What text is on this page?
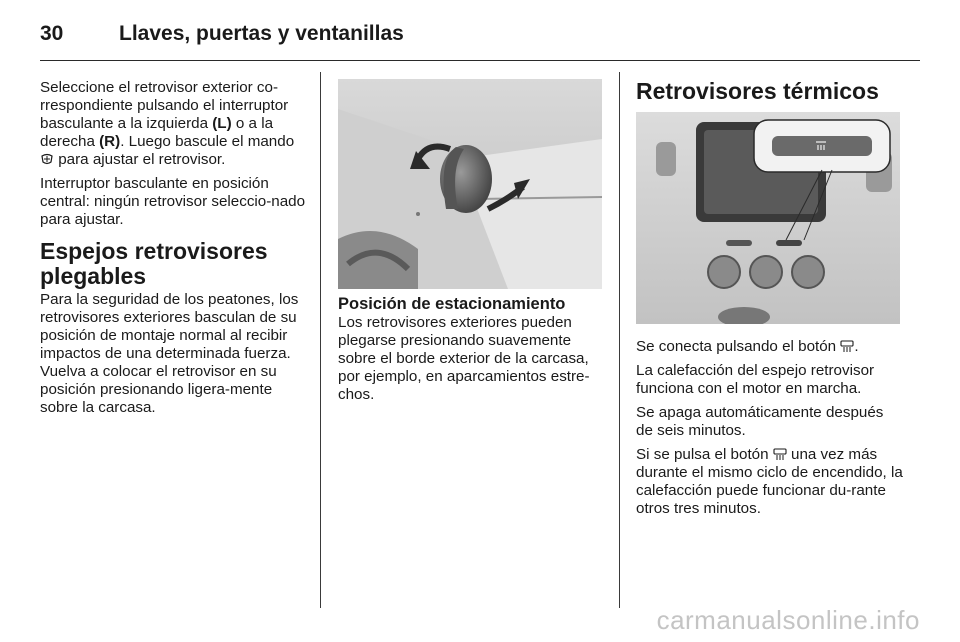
30	Llaves, puertas y ventanillas

Seleccione el retrovisor exterior co-rrespondiente pulsando el interruptor basculante a la izquierda (L) o a la derecha (R). Luego bascule el mando  para ajustar el retrovisor.

Interruptor basculante en posición central: ningún retrovisor seleccio-nado para ajustar.

Espejos retrovisores plegables

Para la seguridad de los peatones, los retrovisores exteriores basculan de su posición de montaje normal al recibir impactos de una determinada fuerza. Vuelva a colocar el retrovisor en su posición presionando ligera-mente sobre la carcasa.

Posición de estacionamiento

Los retrovisores exteriores pueden plegarse presionando suavemente sobre el borde exterior de la carcasa, por ejemplo, en aparcamientos estre-chos.

Retrovisores térmicos

Se conecta pulsando el botón .

La calefacción del espejo retrovisor funciona con el motor en marcha.

Se apaga automáticamente después de seis minutos.

Si se pulsa el botón  una vez más durante el mismo ciclo de encendido, la calefacción puede funcionar du-rante otros tres minutos.

carmanualsonline.info
